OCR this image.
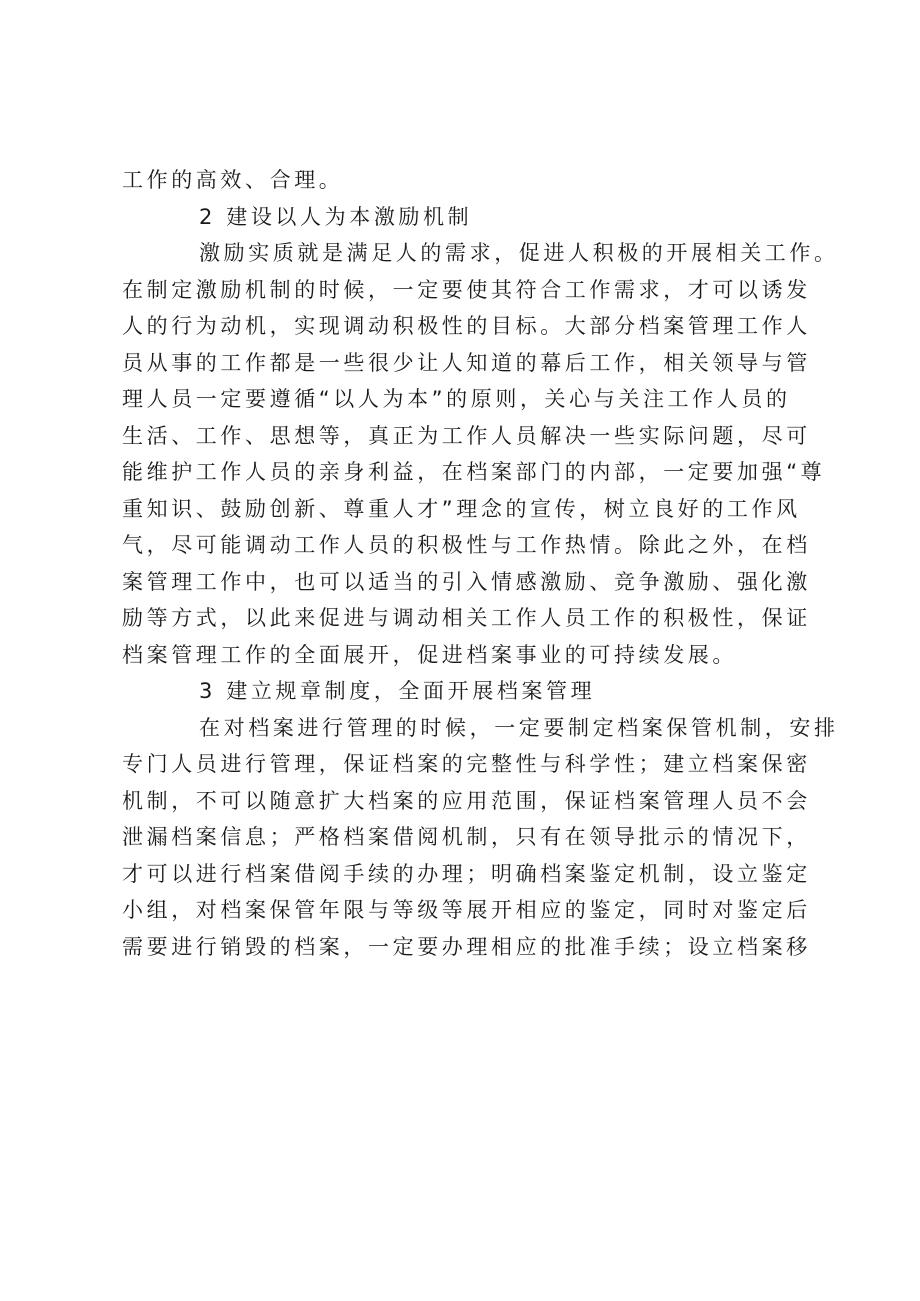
工作的高效、合理。
2 建设以人为本激励机制
激励实质就是满足人的需求，促进人积极的开展相关工作。
在制定激励机制的时候，一定要使其符合工作需求，才可以诱发
人的行为动机，实现调动积极性的目标。大部分档案管理工作人
员从事的工作都是一些很少让人知道的幕后工作，相关领导与管
理人员一定要遵循“以人为本”的原则，关心与关注工作人员的
生活、工作、思想等，真正为工作人员解决一些实际问题，尽可
能维护工作人员的亲身利益，在档案部门的内部，一定要加强“尊
重知识、鼓励创新、尊重人才”理念的宣传，树立良好的工作风
气，尽可能调动工作人员的积极性与工作热情。除此之外，在档
案管理工作中，也可以适当的引入情感激励、竞争激励、强化激
励等方式，以此来促进与调动相关工作人员工作的积极性，保证
档案管理工作的全面展开，促进档案事业的可持续发展。
3 建立规章制度，全面开展档案管理
在对档案进行管理的时候，一定要制定档案保管机制，安排
专门人员进行管理，保证档案的完整性与科学性；建立档案保密
机制，不可以随意扩大档案的应用范围，保证档案管理人员不会
泄漏档案信息；严格档案借阅机制，只有在领导批示的情况下，
才可以进行档案借阅手续的办理；明确档案鉴定机制，设立鉴定
小组，对档案保管年限与等级等展开相应的鉴定，同时对鉴定后
需要进行销毁的档案，一定要办理相应的批准手续；设立档案移
